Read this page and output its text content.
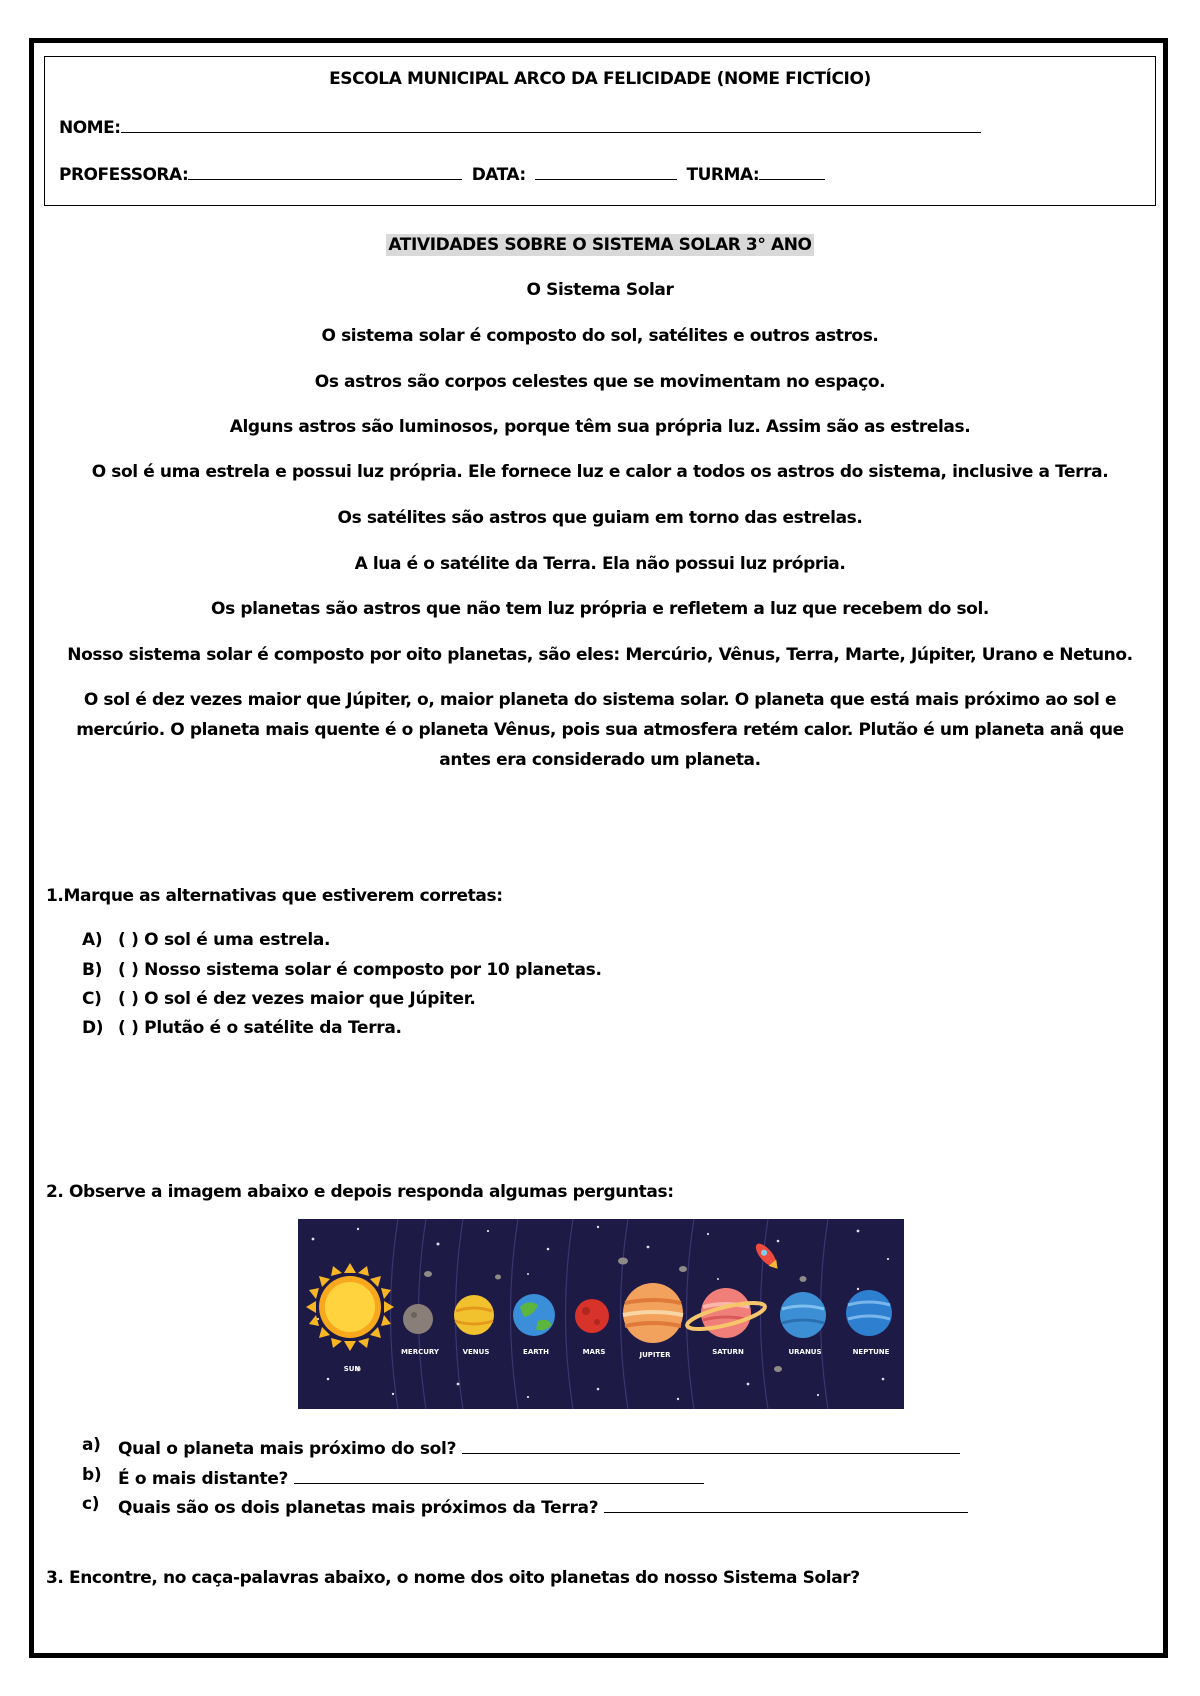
ESCOLA MUNICIPAL ARCO DA FELICIDADE (NOME FICTÍCIO)
NOME:
PROFESSORA:	DATA:	TURMA:
ATIVIDADES SOBRE O SISTEMA SOLAR 3° ANO
O Sistema Solar
O sistema solar é composto do sol, satélites e outros astros.
Os astros são corpos celestes que se movimentam no espaço.
Alguns astros são luminosos, porque têm sua própria luz. Assim são as estrelas.
O sol é uma estrela e possui luz própria. Ele fornece luz e calor a todos os astros do sistema, inclusive a Terra.
Os satélites são astros que guiam em torno das estrelas.
A lua é o satélite da Terra. Ela não possui luz própria.
Os planetas são astros que não tem luz própria e refletem a luz que recebem do sol.
Nosso sistema solar é composto por oito planetas, são eles: Mercúrio, Vênus, Terra, Marte, Júpiter, Urano e Netuno.
O sol é dez vezes maior que Júpiter, o, maior planeta do sistema solar. O planeta que está mais próximo ao sol e mercúrio. O planeta mais quente é o planeta Vênus, pois sua atmosfera retém calor. Plutão é um planeta anã que antes era considerado um planeta.
1.Marque as alternativas que estiverem corretas:
A) ( ) O sol é uma estrela.
B) ( ) Nosso sistema solar é composto por 10 planetas.
C) ( ) O sol é dez vezes maior que Júpiter.
D) ( ) Plutão é o satélite da Terra.
2. Observe a imagem abaixo e depois responda algumas perguntas:
SUN
MERCURY	VENUS	EARTH	MARS	JUPITER	SATURN	URANUS	NEPTUNE
a) Qual o planeta mais próximo do sol?
b) É o mais distante?
c) Quais são os dois planetas mais próximos da Terra?
3. Encontre, no caça-palavras abaixo, o nome dos oito planetas do nosso Sistema Solar?
